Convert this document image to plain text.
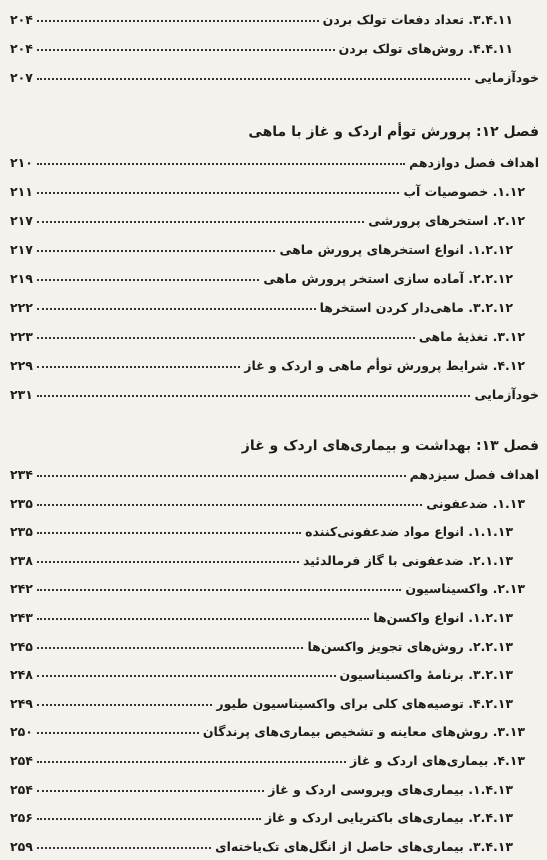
۳.۴.۱۱. تعداد دفعات تولک بردن
۲۰۴
۴.۴.۱۱. روش‌های تولک بردن
۲۰۴
خودآزمایی
۲۰۷
فصل ۱۲: پرورش توأم اردک و غاز با ماهی
اهداف فصل دوازدهم
۲۱۰
۱.۱۲. خصوصیات آب
۲۱۱
۲.۱۲. استخرهای پرورشی
۲۱۷
۱.۲.۱۲. انواع استخرهای پرورش ماهی
۲۱۷
۲.۲.۱۲. آماده سازی استخر پرورش ماهی
۲۱۹
۳.۲.۱۲. ماهی‌دار کردن استخرها
۲۲۲
۳.۱۲. تغذیهٔ ماهی
۲۲۳
۴.۱۲. شرایط پرورش توأم ماهی و اردک و غاز
۲۲۹
خودآزمایی
۲۳۱
فصل ۱۳: بهداشت و بیماری‌های اردک و غاز
اهداف فصل سیزدهم
۲۳۴
۱.۱۳. ضدعفونی
۲۳۵
۱.۱.۱۳. انواع مواد ضدعفونی‌کننده
۲۳۵
۲.۱.۱۳. ضدعفونی با گاز فرمالدئید
۲۳۸
۲.۱۳. واکسیناسیون
۲۴۲
۱.۲.۱۳. انواع واکسن‌ها
۲۴۳
۲.۲.۱۳. روش‌های تجویز واکسن‌ها
۲۴۵
۳.۲.۱۳. برنامهٔ واکسیناسیون
۲۴۸
۴.۲.۱۳. توصیه‌های کلی برای واکسیناسیون طیور
۲۴۹
۳.۱۳. روش‌های معاینه و تشخیص بیماری‌های پرندگان
۲۵۰
۴.۱۳. بیماری‌های اردک و غاز
۲۵۴
۱.۴.۱۳. بیماری‌های ویروسی اردک و غاز
۲۵۴
۲.۴.۱۳. بیماری‌های باکتریایی اردک و غاز
۲۵۶
۳.۴.۱۳. بیماری‌های حاصل از انگل‌های تک‌یاخته‌ای
۲۵۹
